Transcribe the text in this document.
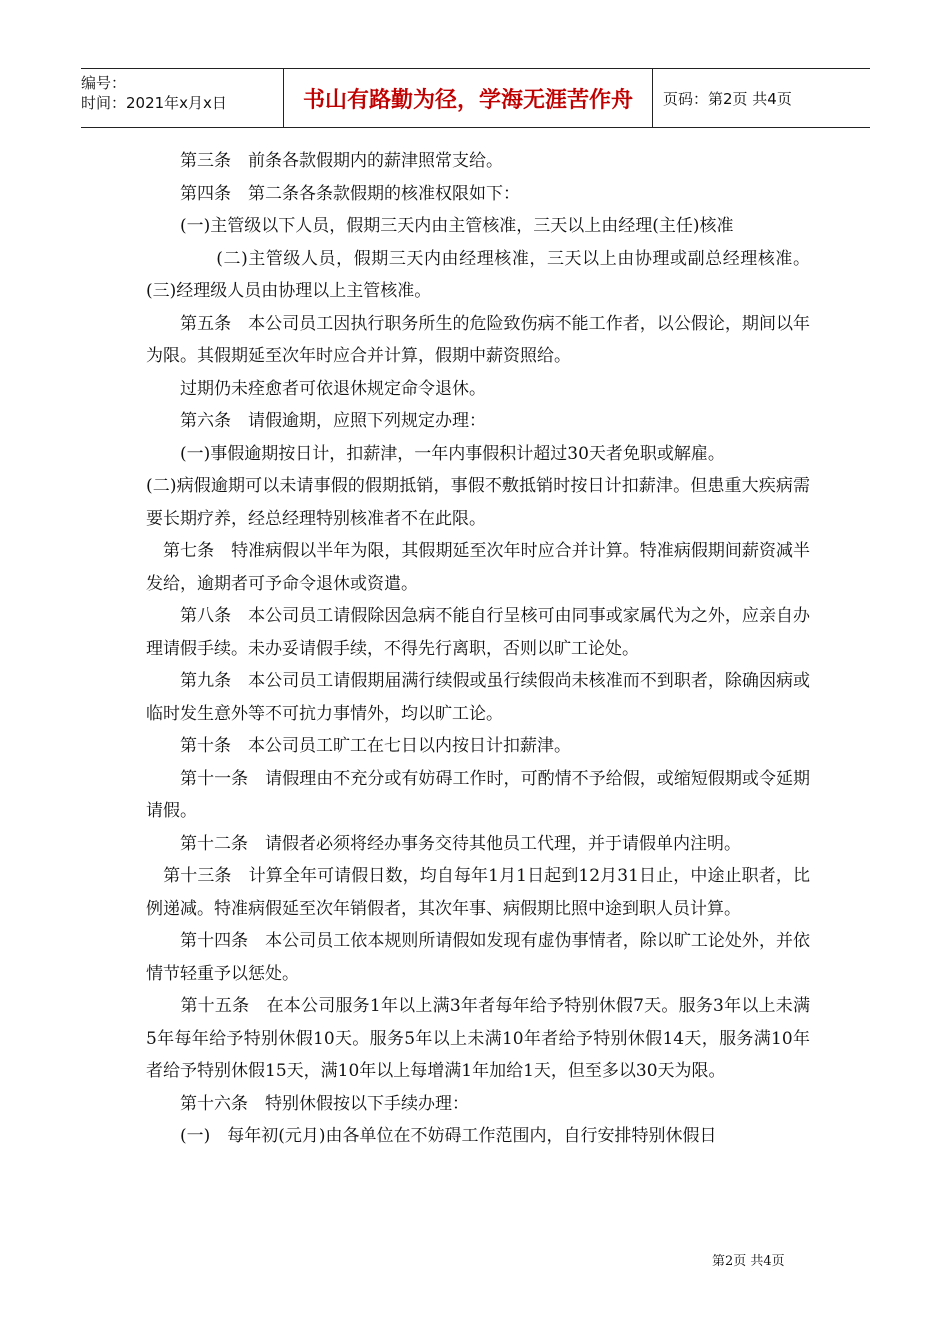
编号：
时间：2021年x月x日	书山有路勤为径，学海无涯苦作舟	页码：第2页 共4页

　　第三条　前条各款假期内的薪津照常支给。

　　第四条　第二条各条款假期的核准权限如下：

　　(一)主管级以下人员，假期三天内由主管核准，三天以上由经理(主任)核准

　　　　(二)主管级人员，假期三天内由经理核准，三天以上由协理或副总经理核准。(三)经理级人员由协理以上主管核准。

　　第五条　本公司员工因执行职务所生的危险致伤病不能工作者，以公假论，期间以年为限。其假期延至次年时应合并计算，假期中薪资照给。

　　过期仍未痊愈者可依退休规定命令退休。

　　第六条　请假逾期，应照下列规定办理：

　　(一)事假逾期按日计，扣薪津，一年内事假积计超过30天者免职或解雇。

(二)病假逾期可以未请事假的假期抵销，事假不敷抵销时按日计扣薪津。但患重大疾病需要长期疗养，经总经理特别核准者不在此限。

　第七条　特准病假以半年为限，其假期延至次年时应合并计算。特准病假期间薪资减半发给，逾期者可予命令退休或资遣。

　　第八条　本公司员工请假除因急病不能自行呈核可由同事或家属代为之外，应亲自办理请假手续。未办妥请假手续，不得先行离职，否则以旷工论处。

　　第九条　本公司员工请假期届满行续假或虽行续假尚未核准而不到职者，除确因病或临时发生意外等不可抗力事情外，均以旷工论。

　　第十条　本公司员工旷工在七日以内按日计扣薪津。

　　第十一条　请假理由不充分或有妨碍工作时，可酌情不予给假，或缩短假期或令延期请假。

　　第十二条　请假者必须将经办事务交待其他员工代理，并于请假单内注明。

　第十三条　计算全年可请假日数，均自每年1月1日起到12月31日止，中途止职者，比例递减。特准病假延至次年销假者，其次年事、病假期比照中途到职人员计算。

　　第十四条　本公司员工依本规则所请假如发现有虚伪事情者，除以旷工论处外，并依情节轻重予以惩处。

　　第十五条　在本公司服务1年以上满3年者每年给予特别休假7天。服务3年以上未满5年每年给予特别休假10天。服务5年以上未满10年者给予特别休假14天，服务满10年者给予特别休假15天，满10年以上每增满1年加给1天，但至多以30天为限。

　　第十六条　特别休假按以下手续办理：

　　(一)　每年初(元月)由各单位在不妨碍工作范围内，自行安排特别休假日

第2页 共4页
